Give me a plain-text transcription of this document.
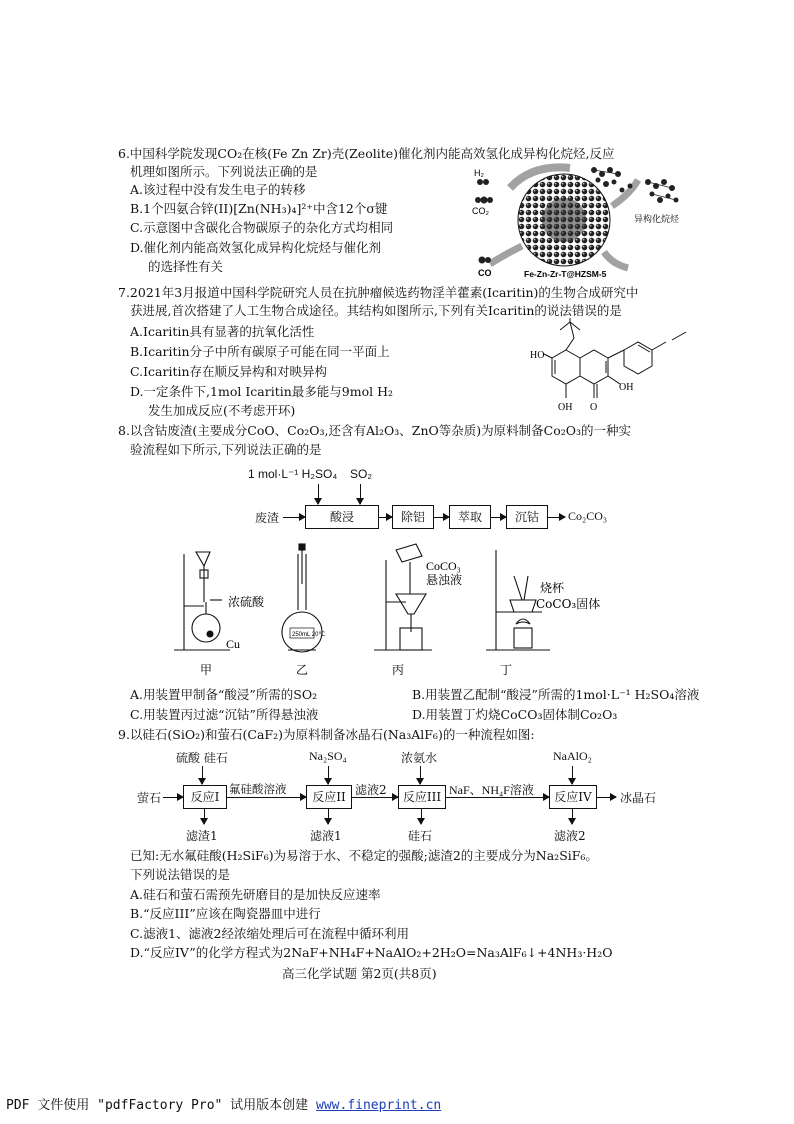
6.中国科学院发现CO₂在核(Fe Zn Zr)壳(Zeolite)催化剂内能高效氢化成异构化烷烃,反应
机理如图所示。下列说法正确的是
A.该过程中没有发生电子的转移
B.1个四氨合锌(II)[Zn(NH₃)₄]²⁺中含12个σ键
C.示意图中含碳化合物碳原子的杂化方式均相同
D.催化剂内能高效氢化成异构化烷烃与催化剂
的选择性有关
H₂
CO₂
CO	Fe-Zn-Zr-T@HZSM-5
异构化烷烃
7.2021年3月报道中国科学院研究人员在抗肿瘤候选药物淫羊藿素(Icaritin)的生物合成研究中
获进展,首次搭建了人工生物合成途径。其结构如图所示,下列有关Icaritin的说法错误的是
A.Icaritin具有显著的抗氧化活性
B.Icaritin分子中所有碳原子可能在同一平面上
C.Icaritin存在顺反异构和对映异构
D.一定条件下,1mol Icaritin最多能与9mol H₂
发生加成反应(不考虑开环)
HO
OH
OH O
8.以含钴废渣(主要成分CoO、Co₂O₃,还含有Al₂O₃、ZnO等杂质)为原料制备Co₂O₃的一种实
验流程如下所示,下列说法正确的是
1 mol·L⁻¹ H₂SO₄ SO₂
废渣	酸浸	除铝	萃取	沉钴	Co₂CO₃
250mL 20℃
浓硫酸
Cu
CoCO₃
悬浊液
烧杯
CoCO₃固体
甲	乙	丙	丁
A.用装置甲制备“酸浸”所需的SO₂	B.用装置乙配制“酸浸”所需的1mol·L⁻¹ H₂SO₄溶液
C.用装置丙过滤“沉钴”所得悬浊液	D.用装置丁灼烧CoCO₃固体制Co₂O₃
9.以硅石(SiO₂)和萤石(CaF₂)为原料制备冰晶石(Na₃AlF₆)的一种流程如图:
硫酸 硅石	Na₂SO₄	浓氨水	NaAlO₂
萤石	反应I
氟硅酸溶液
反应II 滤液2	反应III NaF、NH₄F溶液	反应IV	冰晶石
滤渣1	滤液1	硅石	滤液2
已知:无水氟硅酸(H₂SiF₆)为易溶于水、不稳定的强酸;滤渣2的主要成分为Na₂SiF₆。
下列说法错误的是
A.硅石和萤石需预先研磨目的是加快反应速率
B.“反应III”应该在陶瓷器皿中进行
C.滤液1、滤液2经浓缩处理后可在流程中循环利用
D.“反应IV”的化学方程式为2NaF+NH₄F+NaAlO₂+2H₂O=Na₃AlF₆↓+4NH₃·H₂O
高三化学试题 第2页(共8页)
PDF 文件使用 "pdfFactory Pro" 试用版本创建 www.fineprint.cn
